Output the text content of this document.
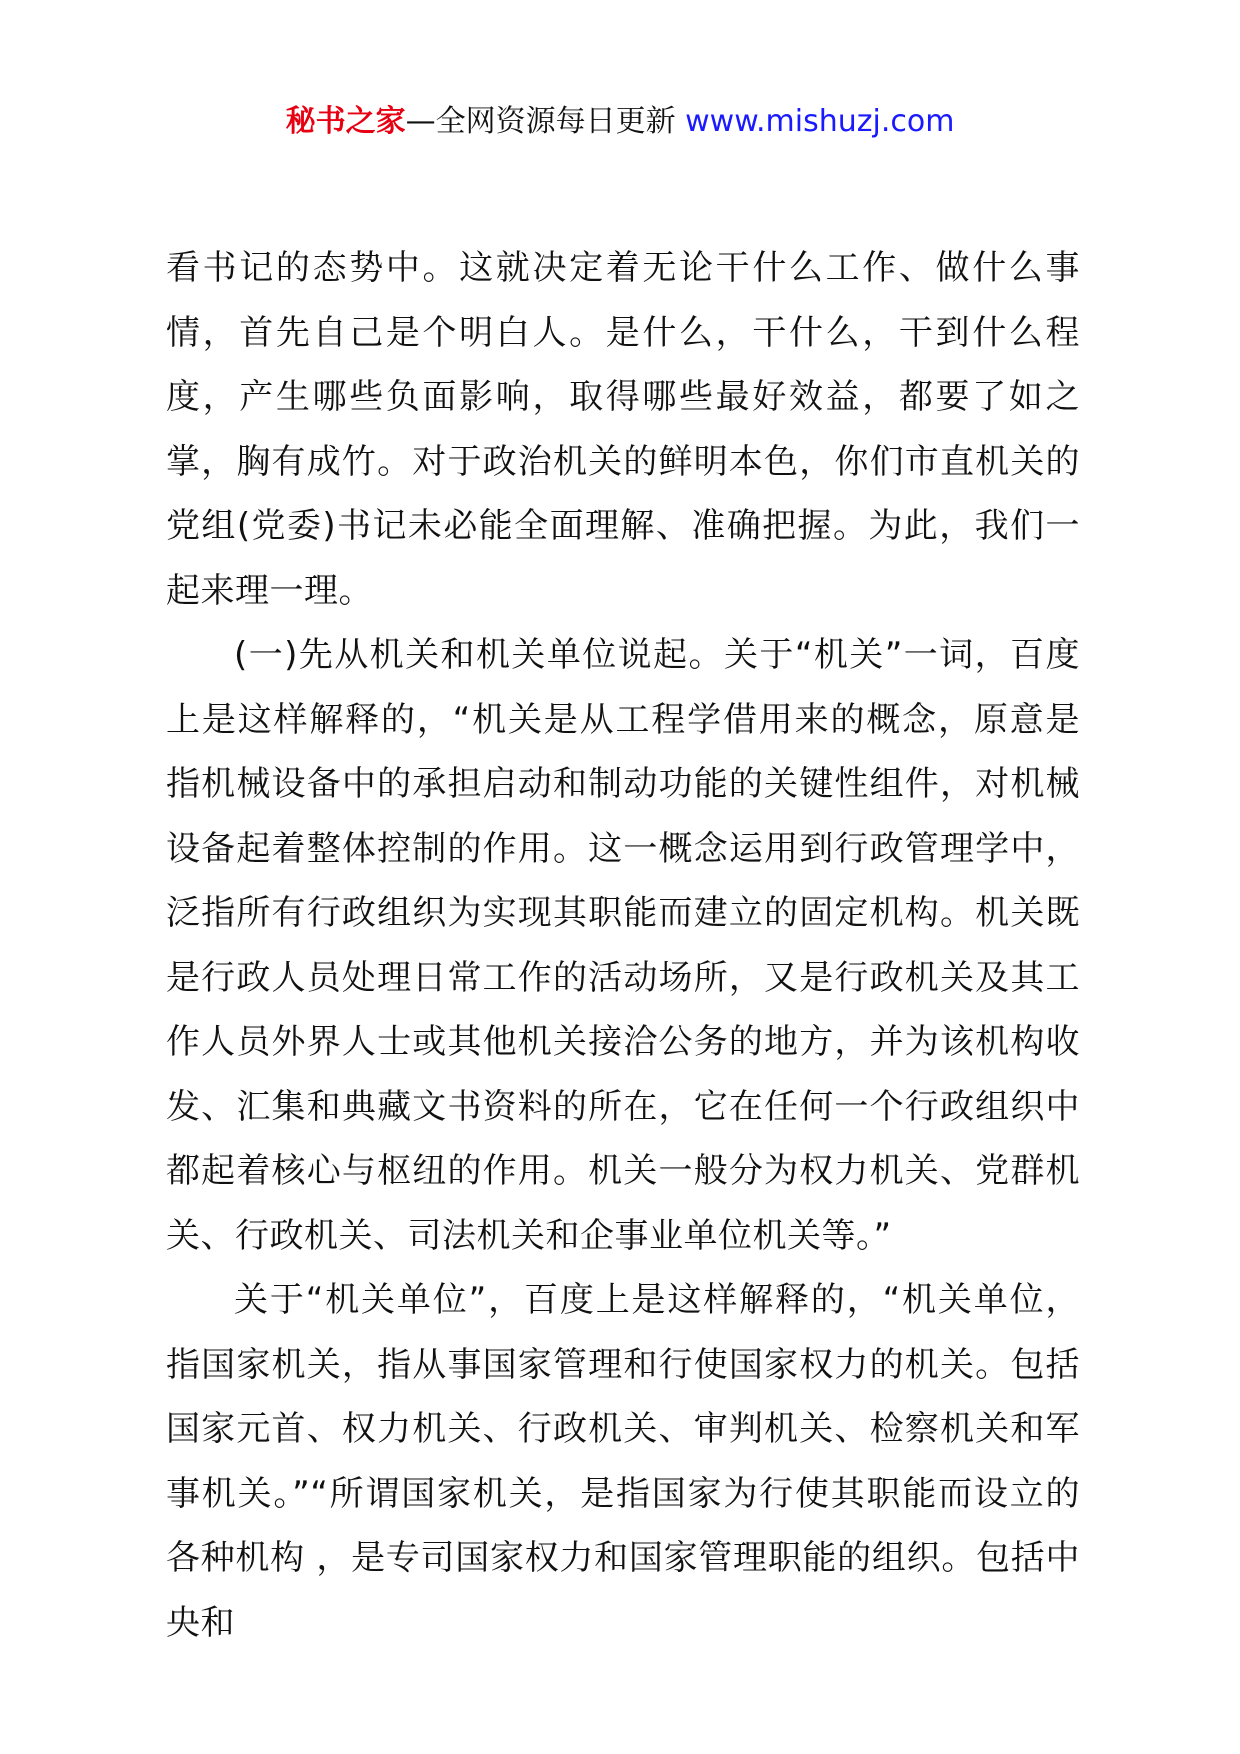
秘书之家—全网资源每日更新 www.mishuzj.com

看书记的态势中。这就决定着无论干什么工作、做什么事情，首先自己是个明白人。是什么，干什么，干到什么程度，产生哪些负面影响，取得哪些最好效益，都要了如之掌，胸有成竹。对于政治机关的鲜明本色，你们市直机关的党组(党委)书记未必能全面理解、准确把握。为此，我们一起来理一理。

(一)先从机关和机关单位说起。关于“机关”一词，百度上是这样解释的，“机关是从工程学借用来的概念，原意是指机械设备中的承担启动和制动功能的关键性组件，对机械设备起着整体控制的作用。这一概念运用到行政管理学中，泛指所有行政组织为实现其职能而建立的固定机构。机关既是行政人员处理日常工作的活动场所，又是行政机关及其工作人员外界人士或其他机关接洽公务的地方，并为该机构收发、汇集和典藏文书资料的所在，它在任何一个行政组织中都起着核心与枢纽的作用。机关一般分为权力机关、党群机关、行政机关、司法机关和企事业单位机关等。”

关于“机关单位”，百度上是这样解释的，“机关单位，指国家机关，指从事国家管理和行使国家权力的机关。包括国家元首、权力机关、行政机关、审判机关、检察机关和军事机关。”“所谓国家机关，是指国家为行使其职能而设立的各种机构 ，是专司国家权力和国家管理职能的组织。包括中央和
